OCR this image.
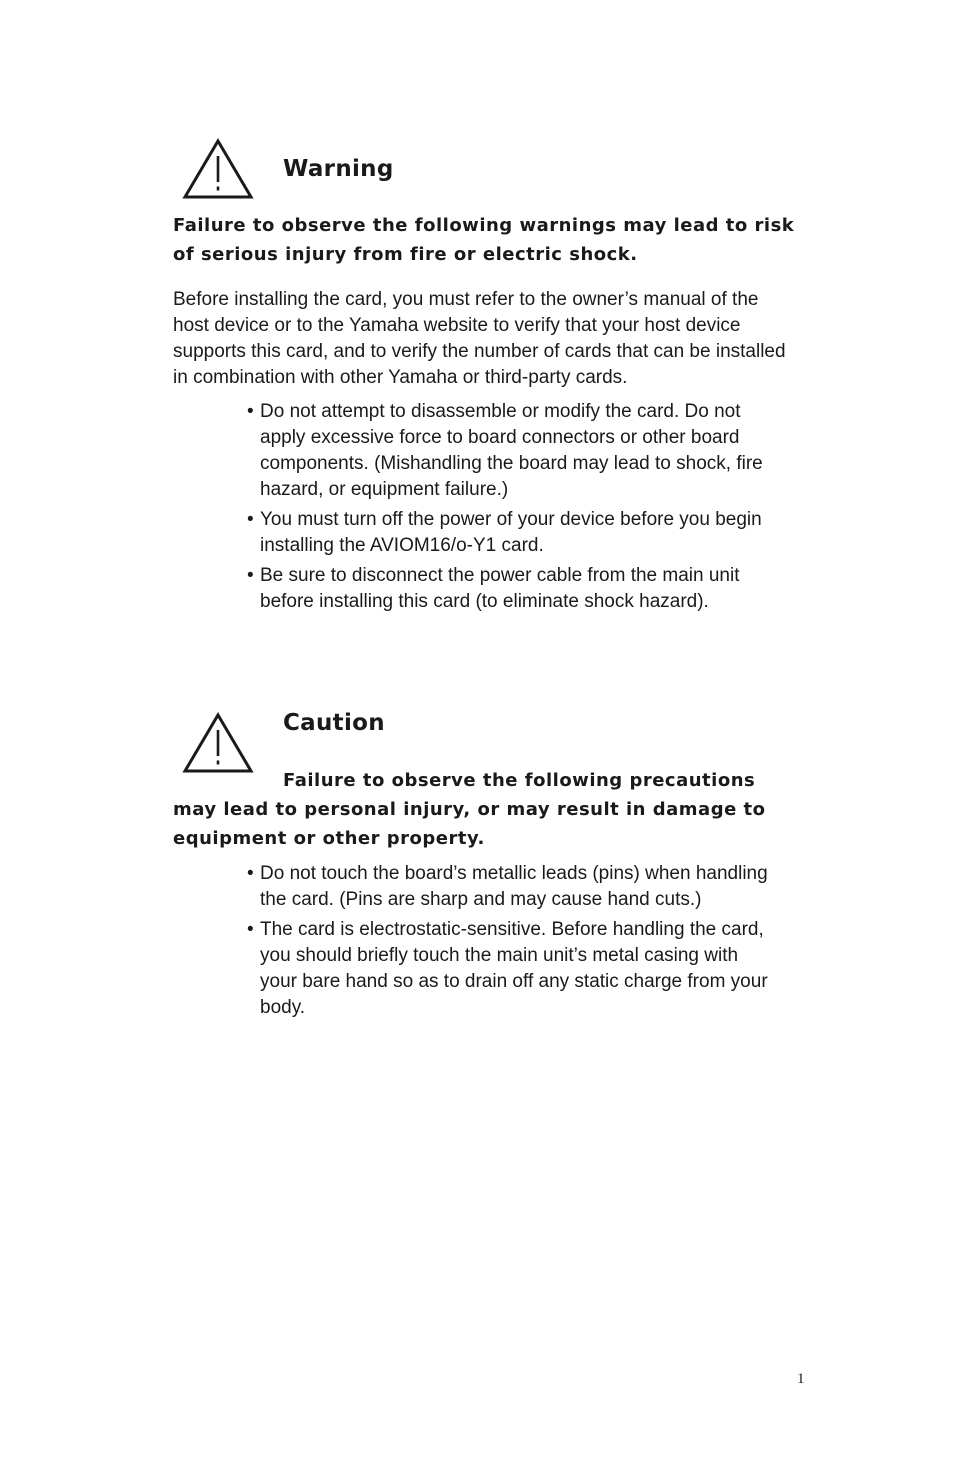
Warning

Failure to observe the following warnings may lead to risk of serious injury from fire or electric shock.

Before installing the card, you must refer to the owner’s manual of the host device or to the Yamaha website to verify that your host device supports this card, and to verify the number of cards that can be installed in combination with other Yamaha or third-party cards.

• Do not attempt to disassemble or modify the card. Do not apply excessive force to board connectors or other board components. (Mishandling the board may lead to shock, fire hazard, or equipment failure.)
• You must turn off the power of your device before you begin installing the AVIOM16/o-Y1 card.
• Be sure to disconnect the power cable from the main unit before installing this card (to eliminate shock hazard).
Caution

Failure to observe the following precautions may lead to personal injury, or may result in damage to equipment or other property.

• Do not touch the board’s metallic leads (pins) when handling the card. (Pins are sharp and may cause hand cuts.)
• The card is electrostatic-sensitive. Before handling the card, you should briefly touch the main unit’s metal casing with your bare hand so as to drain off any static charge from your body.
1
